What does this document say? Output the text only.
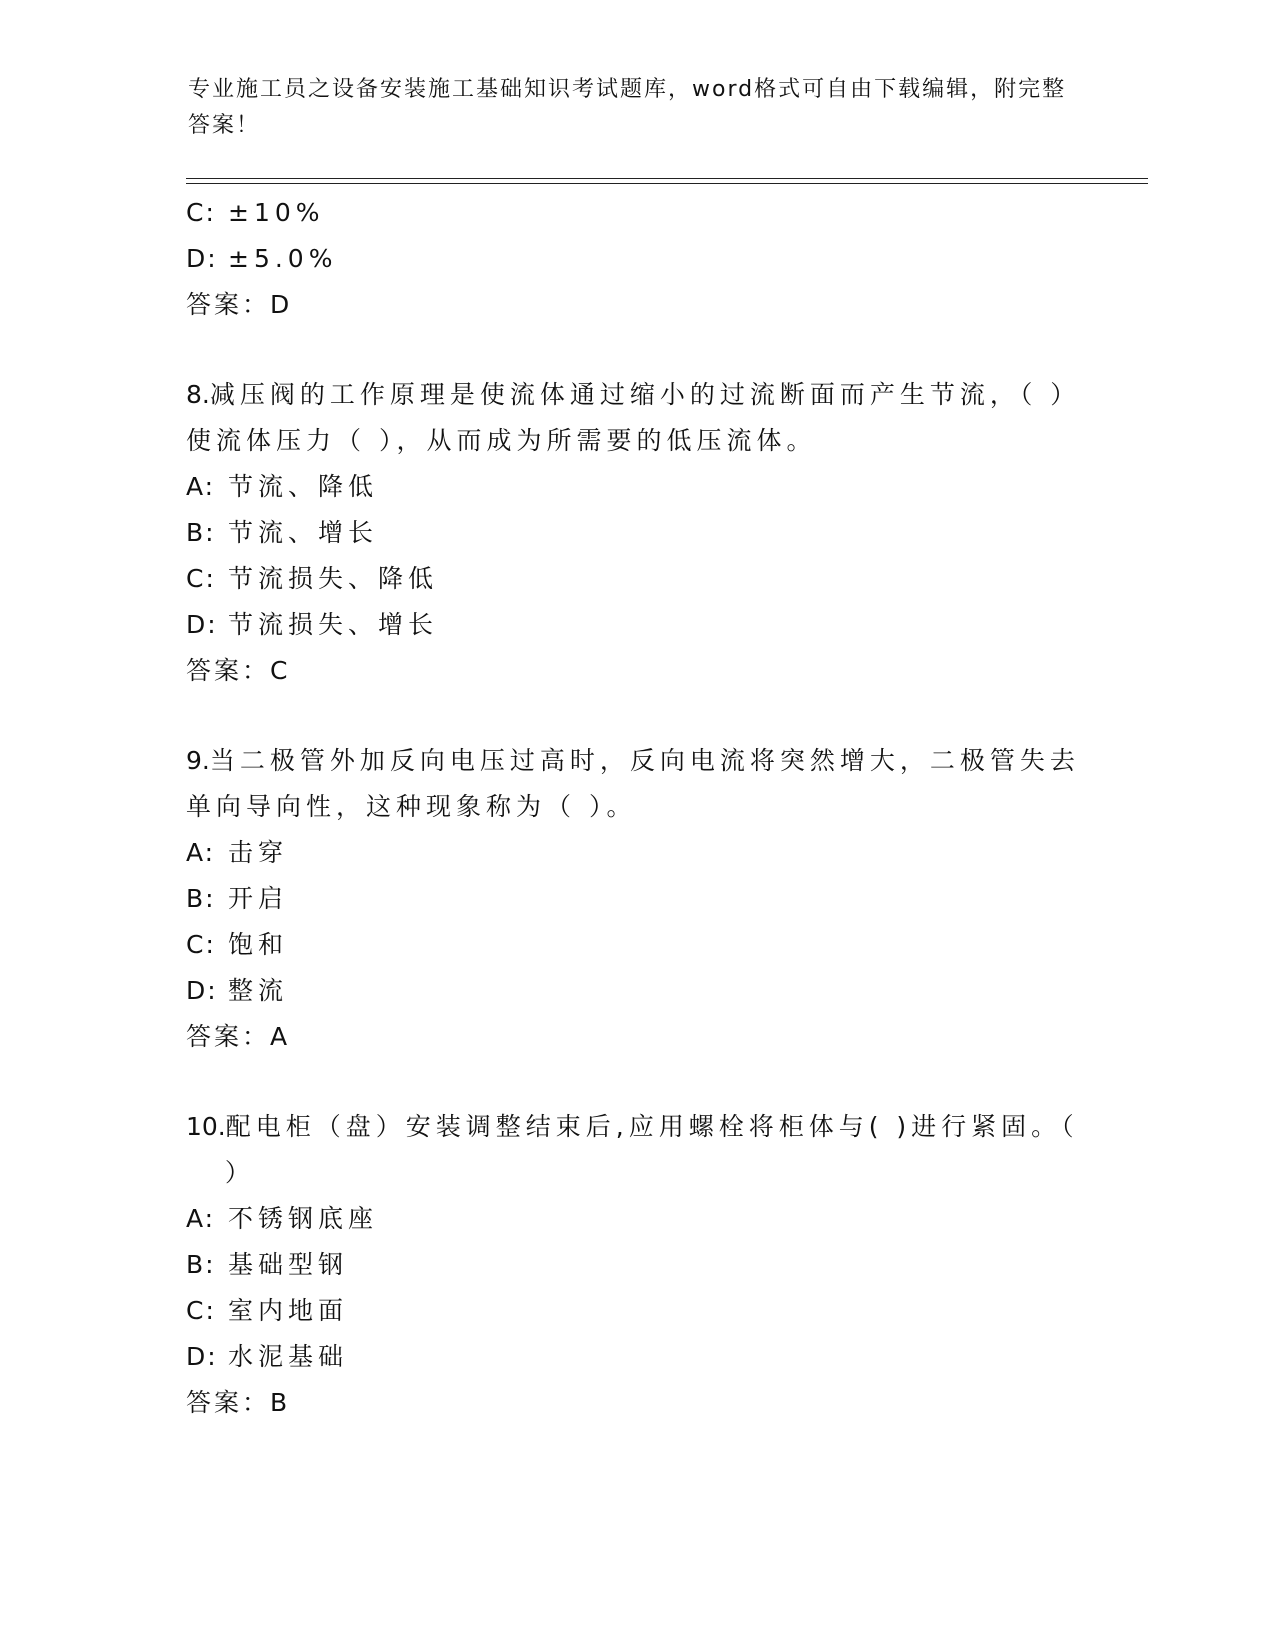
专业施工员之设备安装施工基础知识考试题库，word格式可自由下载编辑，附完整答案！
C: ±10%
D: ±5.0%
答案：D
8.减压阀的工作原理是使流体通过缩小的过流断面而产生节流，（ ）
使流体压力（ ），从而成为所需要的低压流体。
A: 节流、降低
B: 节流、增长
C: 节流损失、降低
D: 节流损失、增长
答案：C
9.当二极管外加反向电压过高时，反向电流将突然增大，二极管失去
单向导向性，这种现象称为（ ）。
A: 击穿
B: 开启
C: 饱和
D: 整流
答案：A
10.配电柜（盘）安装调整结束后,应用螺栓将柜体与( )进行紧固。（
）
A: 不锈钢底座
B: 基础型钢
C: 室内地面
D: 水泥基础
答案：B
